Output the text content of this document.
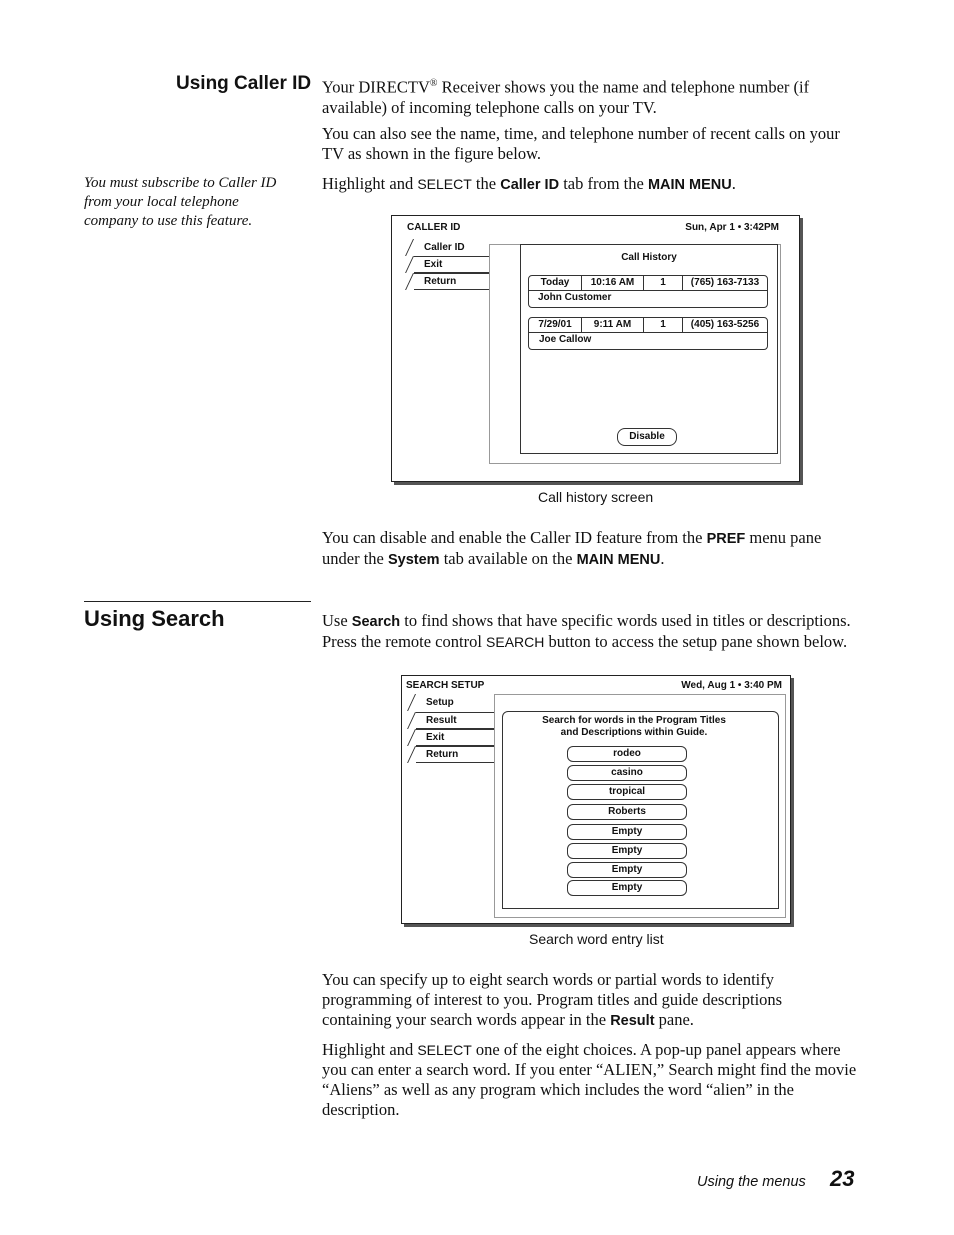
Using Caller ID Your DIRECTV® Receiver shows you the name and telephone number (if
available) of incoming telephone calls on your TV.
You can also see the name, time, and telephone number of recent calls on your
TV as shown in the figure below.
Highlight and SELECT the Caller ID tab from the MAIN MENU.
You must subscribe to Caller ID
from your local telephone
company to use this feature.	CALLER ID	Sun, Apr 1 • 3:42PM
Caller ID
Exit
Return
Call History
Today	10:16 AM	1	(765) 163-7133
John Customer
7/29/01	9:11 AM	1	(405) 163-5256
Joe Callow
Disable
Call history screen
You can disable and enable the Caller ID feature from the PREF menu pane
under the System tab available on the MAIN MENU.
Using Search	Use Search to find shows that have specific words used in titles or descriptions.
Press the remote control SEARCH button to access the setup pane shown below.
SEARCH SETUP	Wed, Aug 1 • 3:40 PM
Setup
Result
Exit
Return
Search for words in the Program Titles
and Descriptions within Guide.
rodeo
casino
tropical
Roberts
Empty
Empty
Empty
Empty
Search word entry list
You can specify up to eight search words or partial words to identify
programming of interest to you. Program titles and guide descriptions
containing your search words appear in the Result pane.
Highlight and SELECT one of the eight choices. A pop-up panel appears where
you can enter a search word. If you enter “ALIEN,” Search might find the movie
“Aliens” as well as any program which includes the word “alien” in the
description.
Using the menus 23
